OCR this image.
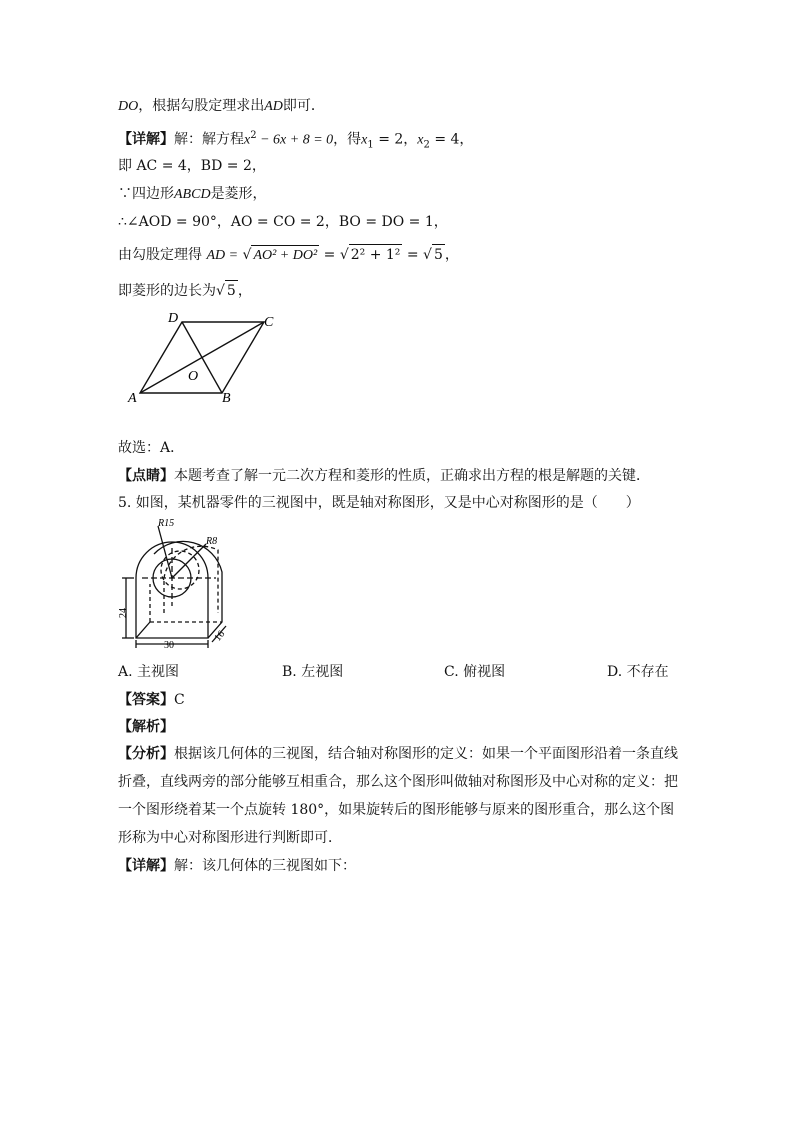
DO，根据勾股定理求出AD即可．
【详解】解：解方程$x^2 - 6x + 8 = 0$，得$x_1 = 2$，$x_2 = 4$，
即 AC = 4，BD = 2，
∵四边形ABCD是菱形，
∴∠AOD = 90°，AO = CO = 2，BO = DO = 1，
由勾股定理得 AD = √ AO² + DO² = √ 2² + 1² = √ 5 ，
即菱形的边长为√ 5 ，
D	C
A	B
O
故选：A．
【点睛】本题考查了解一元二次方程和菱形的性质，正确求出方程的根是解题的关键．
5. 如图，某机器零件的三视图中，既是轴对称图形，又是中心对称图形的是（　　）
R15
R8
24
30
16
A. 主视图	B. 左视图	C. 俯视图	D. 不存在
【答案】C
【解析】
【分析】根据该几何体的三视图，结合轴对称图形的定义：如果一个平面图形沿着一条直线
折叠，直线两旁的部分能够互相重合，那么这个图形叫做轴对称图形及中心对称的定义：把
一个图形绕着某一个点旋转 180°，如果旋转后的图形能够与原来的图形重合，那么这个图
形称为中心对称图形进行判断即可．
【详解】解：该几何体的三视图如下：
